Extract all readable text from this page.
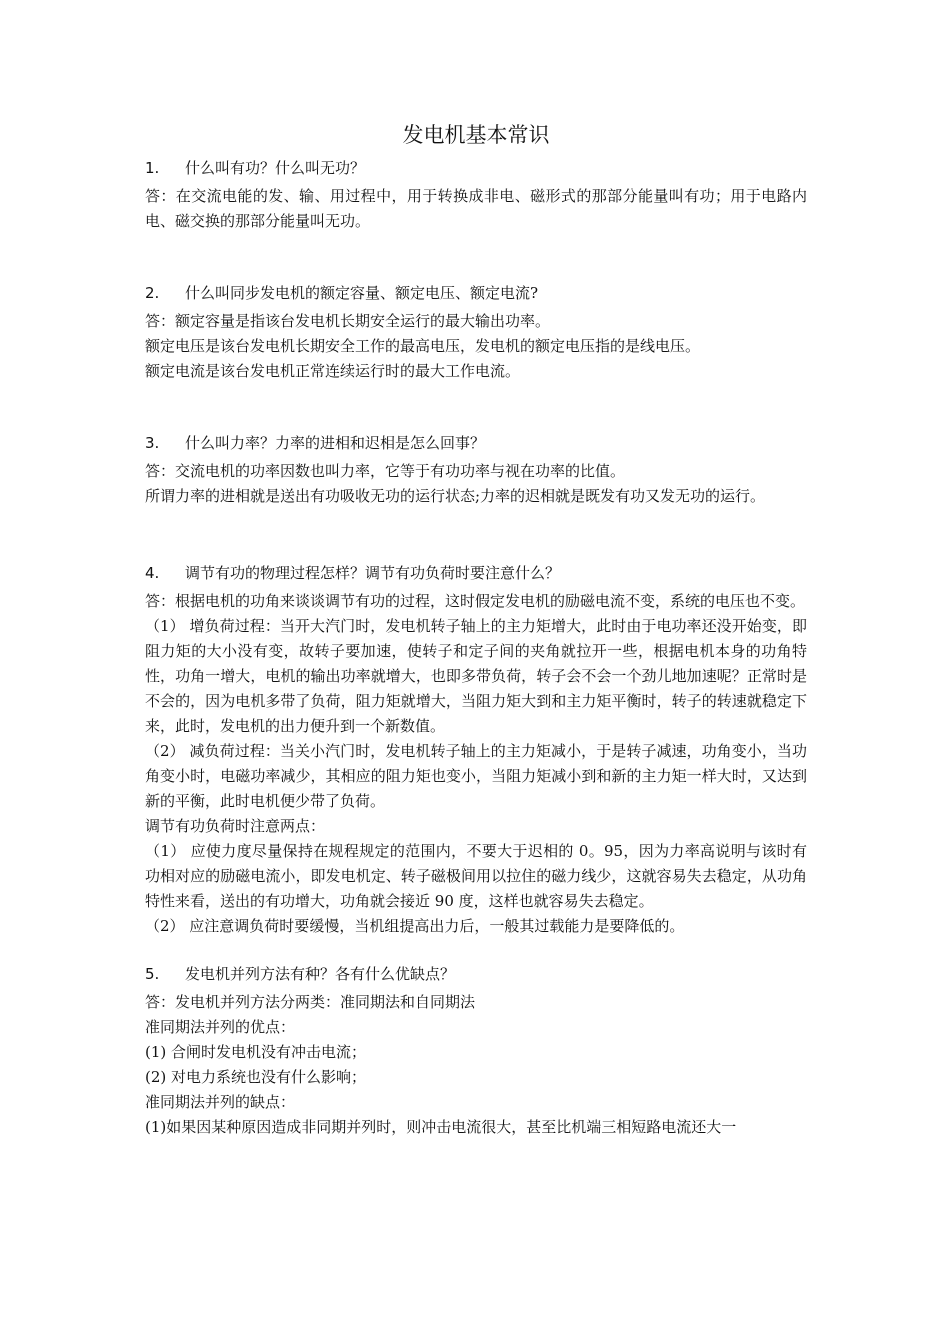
发电机基本常识
1. 什么叫有功？什么叫无功？
答：在交流电能的发、输、用过程中，用于转换成非电、磁形式的那部分能量叫有功；用于电路内电、磁交换的那部分能量叫无功。
2. 什么叫同步发电机的额定容量、额定电压、额定电流?
答：额定容量是指该台发电机长期安全运行的最大输出功率。
额定电压是该台发电机长期安全工作的最高电压，发电机的额定电压指的是线电压。
额定电流是该台发电机正常连续运行时的最大工作电流。
3. 什么叫力率？力率的进相和迟相是怎么回事？
答：交流电机的功率因数也叫力率，它等于有功功率与视在功率的比值。
所谓力率的进相就是送出有功吸收无功的运行状态;力率的迟相就是既发有功又发无功的运行。
4. 调节有功的物理过程怎样？调节有功负荷时要注意什么？
答：根据电机的功角来谈谈调节有功的过程，这时假定发电机的励磁电流不变，系统的电压也不变。
（1） 增负荷过程：当开大汽门时，发电机转子轴上的主力矩增大，此时由于电功率还没开始变，即阻力矩的大小没有变，故转子要加速，使转子和定子间的夹角就拉开一些，根据电机本身的功角特性，功角一增大，电机的输出功率就增大，也即多带负荷，转子会不会一个劲儿地加速呢？正常时是不会的，因为电机多带了负荷，阻力矩就增大，当阻力矩大到和主力矩平衡时，转子的转速就稳定下来，此时，发电机的出力便升到一个新数值。
（2） 减负荷过程：当关小汽门时，发电机转子轴上的主力矩减小，于是转子减速，功角变小，当功角变小时，电磁功率减少，其相应的阻力矩也变小，当阻力矩减小到和新的主力矩一样大时，又达到新的平衡，此时电机便少带了负荷。
调节有功负荷时注意两点：
（1） 应使力度尽量保持在规程规定的范围内，不要大于迟相的 0。95，因为力率高说明与该时有功相对应的励磁电流小，即发电机定、转子磁极间用以拉住的磁力线少，这就容易失去稳定，从功角特性来看，送出的有功增大，功角就会接近 90 度，这样也就容易失去稳定。
（2） 应注意调负荷时要缓慢，当机组提高出力后，一般其过载能力是要降低的。
5. 发电机并列方法有种？各有什么优缺点？
答：发电机并列方法分两类：准同期法和自同期法
准同期法并列的优点：
(1) 合闸时发电机没有冲击电流；
(2) 对电力系统也没有什么影响；
准同期法并列的缺点：
(1)如果因某种原因造成非同期并列时，则冲击电流很大，甚至比机端三相短路电流还大一
